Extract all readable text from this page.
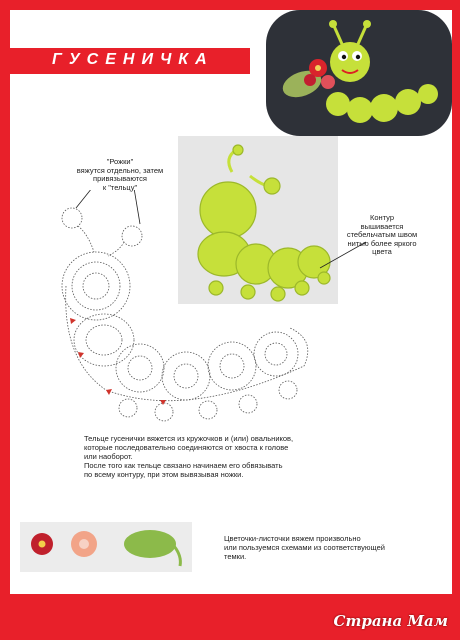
ГУСЕНИЧКА
"Рожки"
вяжутся отдельно, затем
привязываются
к "тельцу"
Контур
вышивается
стебельчатым швом
нитью более яркого
цвета
Тельце гусенички вяжется из кружочков и (или) овальников,
которые последовательно соединяются от хвоста к голове
или наоборот.
После того как тельце связано начинаем его обвязывать
по всему контуру, при этом вывязывая ножки.
Цветочки-листочки вяжем произвольно
или пользуемся схемами из соответствующей
темки.
Страна Мам
